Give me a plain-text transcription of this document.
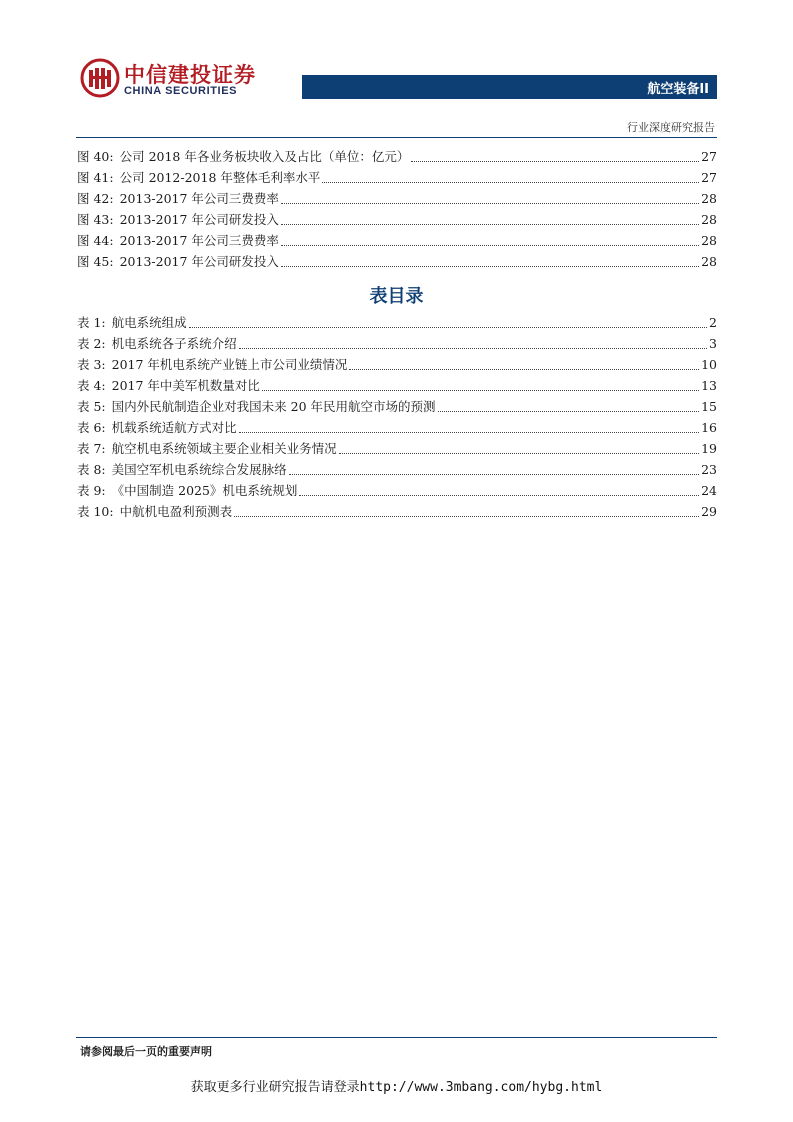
中信建投证券
CHINA SECURITIES	航空装备II
行业深度研究报告
图 40: 公司 2018 年各业务板块收入及占比（单位：亿元）	27
图 41: 公司 2012-2018 年整体毛利率水平	27
图 42: 2013-2017 年公司三费费率	28
图 43: 2013-2017 年公司研发投入	28
图 44: 2013-2017 年公司三费费率	28
图 45: 2013-2017 年公司研发投入	28
表目录
表 1: 航电系统组成	2
表 2: 机电系统各子系统介绍	3
表 3: 2017 年机电系统产业链上市公司业绩情况	10
表 4: 2017 年中美军机数量对比	13
表 5: 国内外民航制造企业对我国未来 20 年民用航空市场的预测	15
表 6: 机载系统适航方式对比	16
表 7: 航空机电系统领域主要企业相关业务情况	19
表 8: 美国空军机电系统综合发展脉络	23
表 9: 《中国制造 2025》机电系统规划	24
表 10: 中航机电盈利预测表	29
请参阅最后一页的重要声明
获取更多行业研究报告请登录http://www.3mbang.com/hybg.html
